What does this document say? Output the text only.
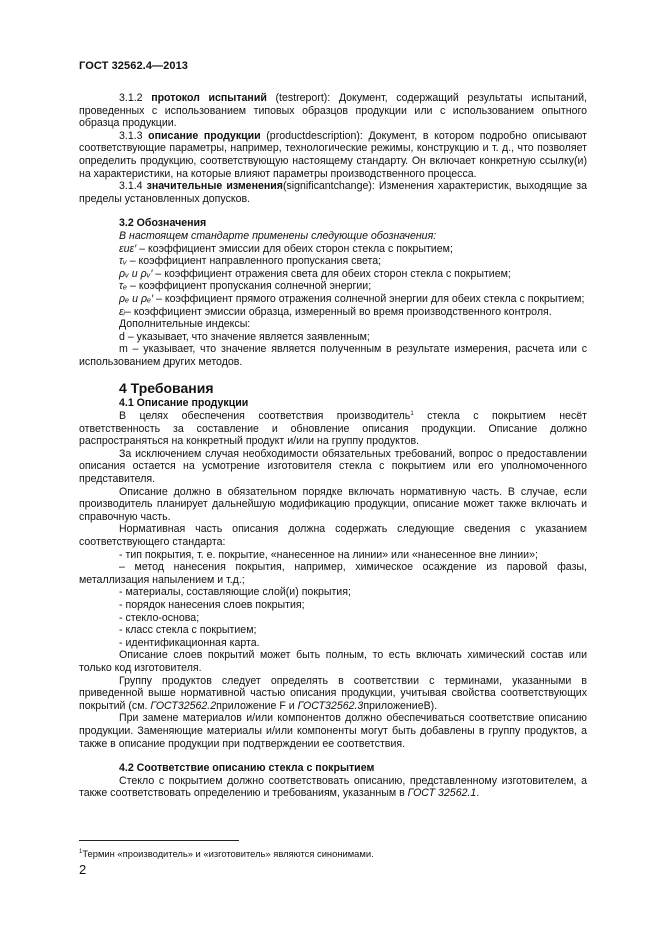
ГОСТ 32562.4—2013

3.1.2 протокол испытаний (testreport): Документ, содержащий результаты испытаний, проведенных с использованием типовых образцов продукции или с использованием опытного образца продукции.

3.1.3 описание продукции (productdescription): Документ, в котором подробно описывают соответствующие параметры, например, технологические режимы, конструкцию и т. д., что позволяет определить продукцию, соответствующую настоящему стандарту. Он включает конкретную ссылку(и) на характеристики, на которые влияют параметры производственного процесса.

3.1.4 значительные изменения(significantchange): Изменения характеристик, выходящие за пределы установленных допусков.

3.2 Обозначения

В настоящем стандарте применены следующие обозначения:

εиε′ – коэффициент эмиссии для обеих сторон стекла с покрытием;

τᵥ – коэффициент направленного пропускания света;

ρᵥ и ρᵥ′ – коэффициент отражения света для обеих сторон стекла с покрытием;

τₑ – коэффициент пропускания солнечной энергии;

ρₑ и ρₑ′ – коэффициент прямого отражения солнечной энергии для обеих стекла с покрытием;

εᵢ– коэффициент эмиссии образца, измеренный во время производственного контроля.

Дополнительные индексы:

d – указывает, что значение является заявленным;

m – указывает, что значение является полученным в результате измерения, расчета или с использованием других методов.

4 Требования

4.1 Описание продукции

В целях обеспечения соответствия производитель$^1$ стекла с покрытием несёт ответственность за составление и обновление описания продукции. Описание должно распространяться на конкретный продукт и/или на группу продуктов.

За исключением случая необходимости обязательных требований, вопрос о предоставлении описания остается на усмотрение изготовителя стекла с покрытием или его уполномоченного представителя.

Описание должно в обязательном порядке включать нормативную часть. В случае, если производитель планирует дальнейшую модификацию продукции, описание может также включать и справочную часть.

Нормативная часть описания должна содержать следующие сведения с указанием соответствующего стандарта:

- тип покрытия, т. е. покрытие, «нанесенное на линии» или «нанесенное вне линии»;

– метод нанесения покрытия, например, химическое осаждение из паровой фазы, металлизация напылением и т.д.;

- материалы, составляющие слой(и) покрытия;

- порядок нанесения слоев покрытия;

- стекло-основа;

- класс стекла с покрытием;

- идентификационная карта.

Описание слоев покрытий может быть полным, то есть включать химический состав или только код изготовителя.

Группу продуктов следует определять в соответствии с терминами, указанными в приведенной выше нормативной частью описания продукции, учитывая свойства соответствующих покрытий (см. ГОСТ32562.2приложение F и ГОСТ32562.3приложениеВ).

При замене материалов и/или компонентов должно обеспечиваться соответствие описанию продукции. Заменяющие материалы и/или компоненты могут быть добавлены в группу продуктов, а также в описание продукции при подтверждении ее соответствия.

4.2 Соответствие описанию стекла с покрытием

Стекло с покрытием должно соответствовать описанию, представленному изготовителем, а также соответствовать определению и требованиям, указанным в ГОСТ 32562.1.

$^1$Термин «производитель» и «изготовитель» являются синонимами.
2
